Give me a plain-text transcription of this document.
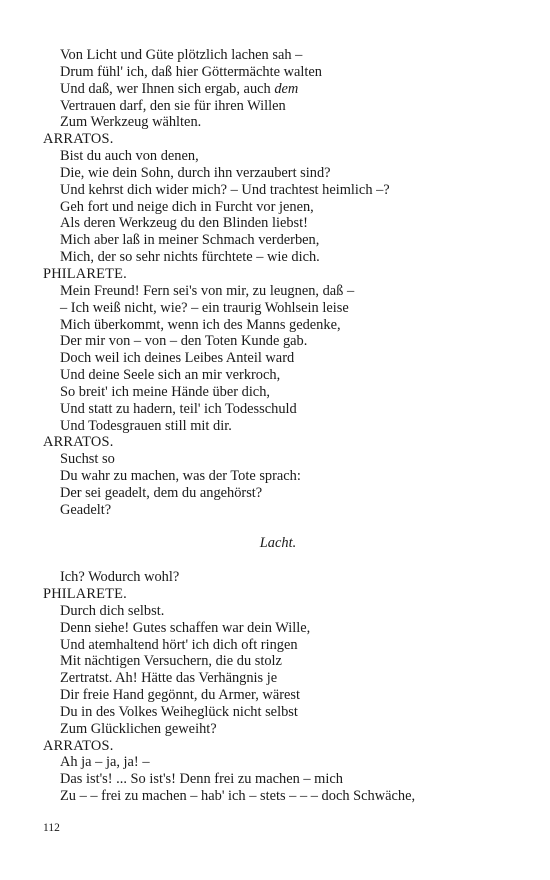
Von Licht und Güte plötzlich lachen sah –
Drum fühl' ich, daß hier Göttermächte walten
Und daß, wer Ihnen sich ergab, auch dem
Vertrauen darf, den sie für ihren Willen
Zum Werkzeug wählten.
ARRATOS.
Bist du auch von denen,
Die, wie dein Sohn, durch ihn verzaubert sind?
Und kehrst dich wider mich? – Und trachtest heimlich –?
Geh fort und neige dich in Furcht vor jenen,
Als deren Werkzeug du den Blinden liebst!
Mich aber laß in meiner Schmach verderben,
Mich, der so sehr nichts fürchtete – wie dich.
PHILARETE.
Mein Freund! Fern sei's von mir, zu leugnen, daß –
– Ich weiß nicht, wie? – ein traurig Wohlsein leise
Mich überkommt, wenn ich des Manns gedenke,
Der mir von – von – den Toten Kunde gab.
Doch weil ich deines Leibes Anteil ward
Und deine Seele sich an mir verkroch,
So breit' ich meine Hände über dich,
Und statt zu hadern, teil' ich Todesschuld
Und Todesgrauen still mit dir.
ARRATOS.
Suchst so
Du wahr zu machen, was der Tote sprach:
Der sei geadelt, dem du angehörst?
Geadelt?
Lacht.
Ich? Wodurch wohl?
PHILARETE.
Durch dich selbst.
Denn siehe! Gutes schaffen war dein Wille,
Und atemhaltend hört' ich dich oft ringen
Mit nächtigen Versuchern, die du stolz
Zertratst. Ah! Hätte das Verhängnis je
Dir freie Hand gegönnt, du Armer, wärest
Du in des Volkes Weiheglück nicht selbst
Zum Glücklichen geweiht?
ARRATOS.
Ah ja – ja, ja! –
Das ist's! ... So ist's! Denn frei zu machen – mich
Zu – – frei zu machen – hab' ich – stets – – – doch Schwäche,
112
